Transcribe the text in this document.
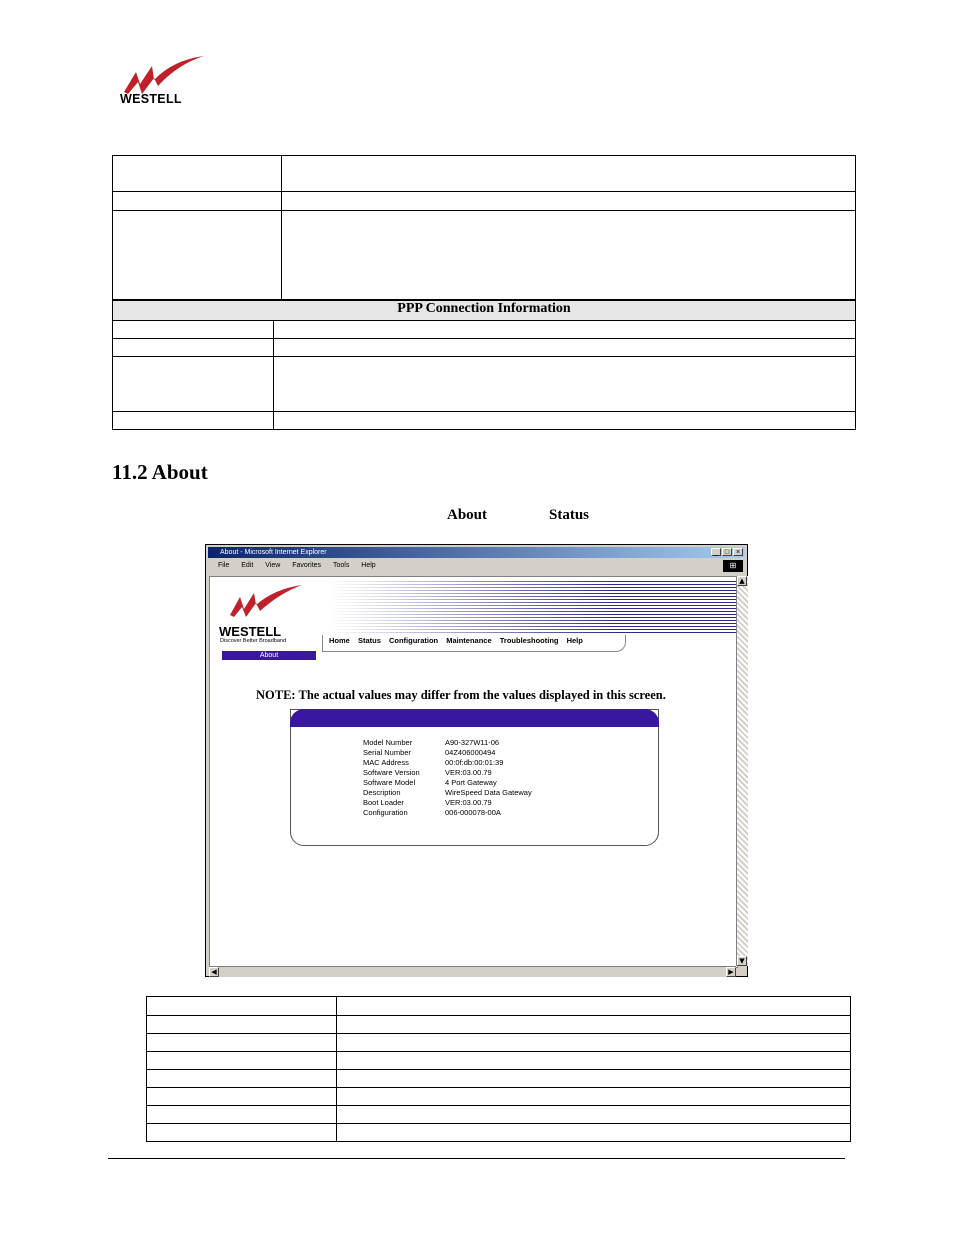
WESTELL

PPP Connection Information	

11.2 About
About	Status
About - Microsoft Internet Explorer	_ □ ×
File Edit View Favorites Tools Help	⊞
WESTELL
Discover Better Broadband	Home Status Configuration Maintenance Troubleshooting Help
About
NOTE: The actual values may differ from the values displayed in this screen.
Model Number	A90-327W11-06
Serial Number	04Z406000494
MAC Address	00:0f:db:00:01:39
Software Version	VER:03.00.79
Software Model	4 Port Gateway
Description	WireSpeed Data Gateway
Boot Loader	VER:03.00.79
Configuration	006-000078-00A
▲
▼
◀	▶
